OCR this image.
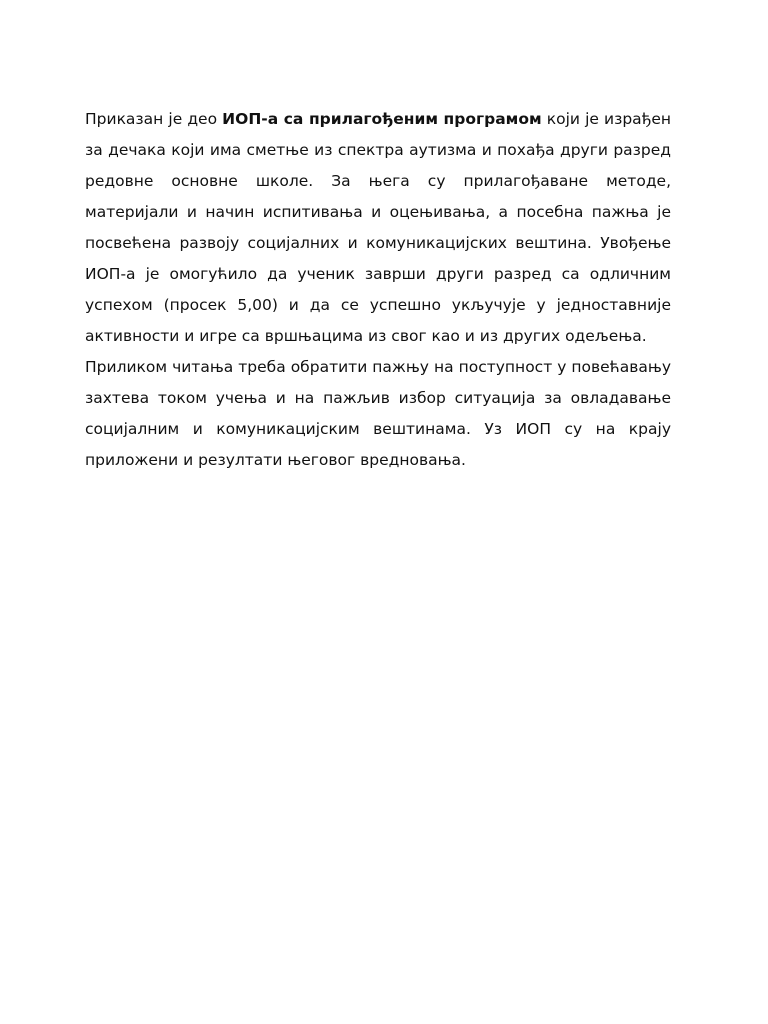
Приказан је део ИОП-а са прилагођеним програмом који је израђен за дечака који има сметње из спектра аутизма и похађа други разред редовне основне школе. За њега су прилагођаване методе, материјали и начин испитивања и оцењивања, а посебна пажња је посвећена развоју социјалних и комуникацијских вештина. Увођење ИОП-а је омогућило да ученик заврши други разред са одличним успехом (просек 5,00) и да се успешно укључује у једноставније активности и игре са вршњацима из свог као и из других одељења.

Приликом читања треба обратити пажњу на поступност у повећавању захтева током учења и на пажљив избор ситуација за овладавање социјалним и комуникацијским вештинама. Уз ИОП су на крају приложени и резултати његовог вредновања.
